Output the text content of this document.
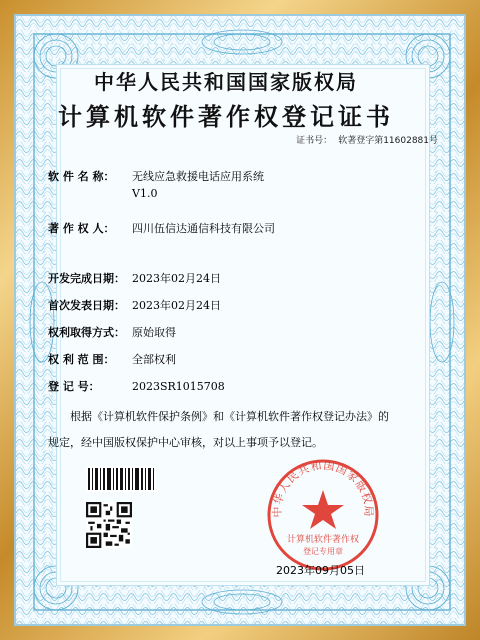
中华人民共和国国家版权局
计算机软件著作权登记证书
证书号： 软著登字第11602881号
软 件 名 称： 无线应急救援电话应用系统
V1.0
著 作 权 人： 四川伍信达通信科技有限公司
开发完成日期： 2023年02月24日
首次发表日期： 2023年02月24日
权利取得方式： 原始取得
权 利 范 围： 全部权利
登 记 号：	2023SR1015708

根据《计算机软件保护条例》和《计算机软件著作权登记办法》的

规定，经中国版权保护中心审核，对以上事项予以登记。

中华人民共和国国家版权局
计算机软件著作权
登记专用章
2023年09月05日
